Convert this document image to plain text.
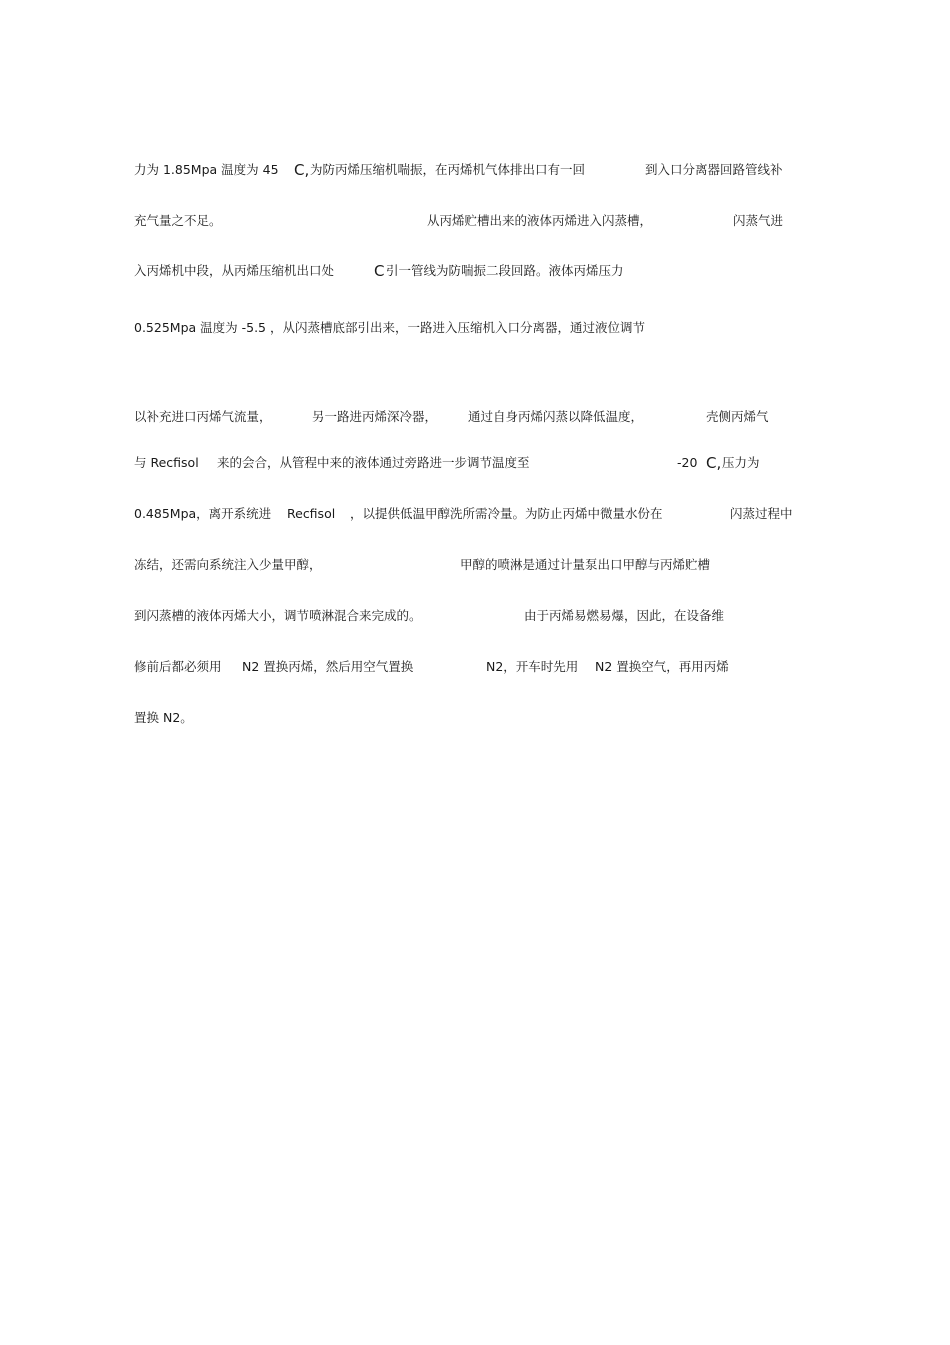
力为 1.85Mpa 温度为 45 C, 为防丙烯压缩机喘振，在丙烯机气体排出口有一回	到入口分离器回路管线补
充气量之不足。	从丙烯贮槽出来的液体丙烯进入闪蒸槽，	闪蒸气进
入丙烯机中段，从丙烯压缩机出口处	C 引一管线为防喘振二段回路。液体丙烯压力
0.525Mpa 温度为 -5.5 ，从闪蒸槽底部引出来，一路进入压缩机入口分离器，通过液位调节
以补充进口丙烯气流量，	另一路进丙烯深冷器， 通过自身丙烯闪蒸以降低温度，	壳侧丙烯气
与 Recfisol 来的会合，从管程中来的液体通过旁路进一步调节温度至	-20 C, 压力为
0.485Mpa，离开系统进 Recfisol ，以提供低温甲醇洗所需冷量。为防止丙烯中微量水份在	闪蒸过程中
冻结，还需向系统注入少量甲醇，	甲醇的喷淋是通过计量泵出口甲醇与丙烯贮槽
到闪蒸槽的液体丙烯大小，调节喷淋混合来完成的。	由于丙烯易燃易爆，因此，在设备维
修前后都必须用 N2 置换丙烯，然后用空气置换	N2，开车时先用 N2 置换空气，再用丙烯
置换 N2。
